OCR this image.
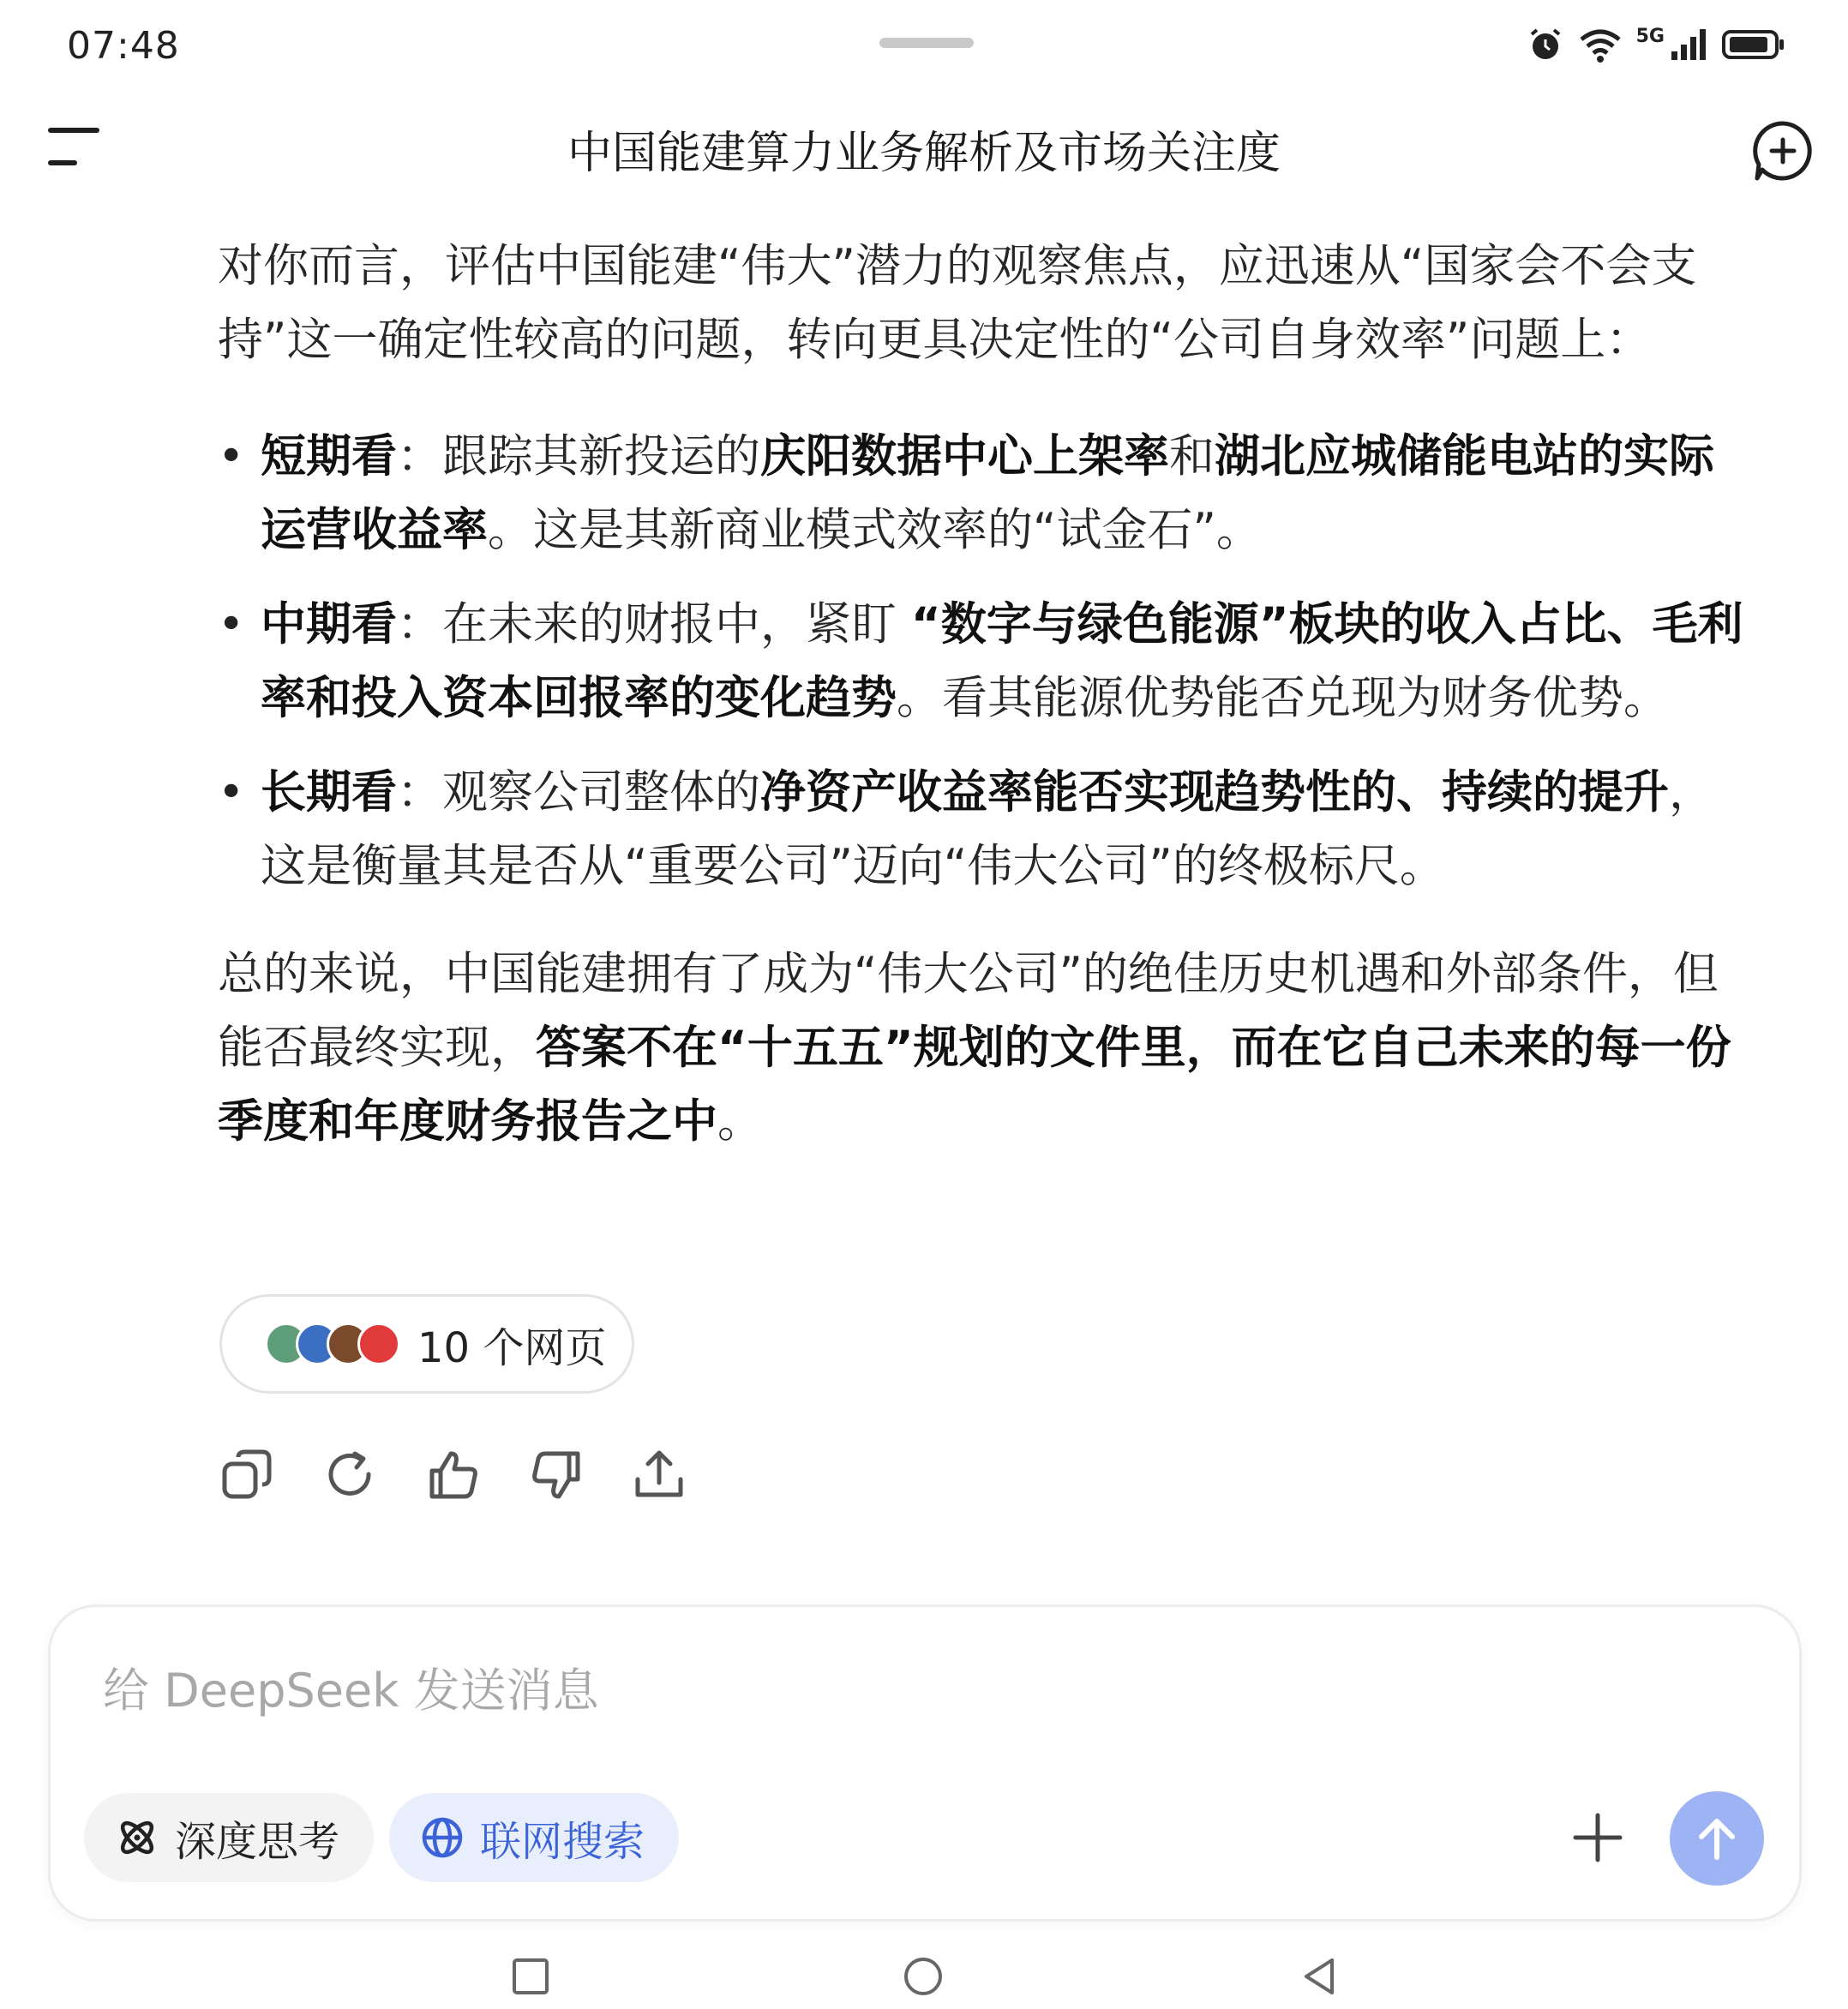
07:48	5G
中国能建算力业务解析及市场关注度

对你而言，评估中国能建“伟大”潜力的观察焦点，应迅速从“国家会不会支持”这一确定性较高的问题，转向更具决定性的“公司自身效率”问题上：

• 短期看：跟踪其新投运的庆阳数据中心上架率和湖北应城储能电站的实际运营收益率。这是其新商业模式效率的“试金石”。
• 中期看：在未来的财报中，紧盯 “数字与绿色能源”板块的收入占比、毛利率和投入资本回报率的变化趋势。看其能源优势能否兑现为财务优势。
• 长期看：观察公司整体的净资产收益率能否实现趋势性的、持续的提升，这是衡量其是否从“重要公司”迈向“伟大公司”的终极标尺。

总的来说，中国能建拥有了成为“伟大公司”的绝佳历史机遇和外部条件，但能否最终实现，答案不在“十五五”规划的文件里，而在它自己未来的每一份季度和年度财务报告之中。

10 个网页
给 DeepSeek 发送消息
深度思考	联网搜索
